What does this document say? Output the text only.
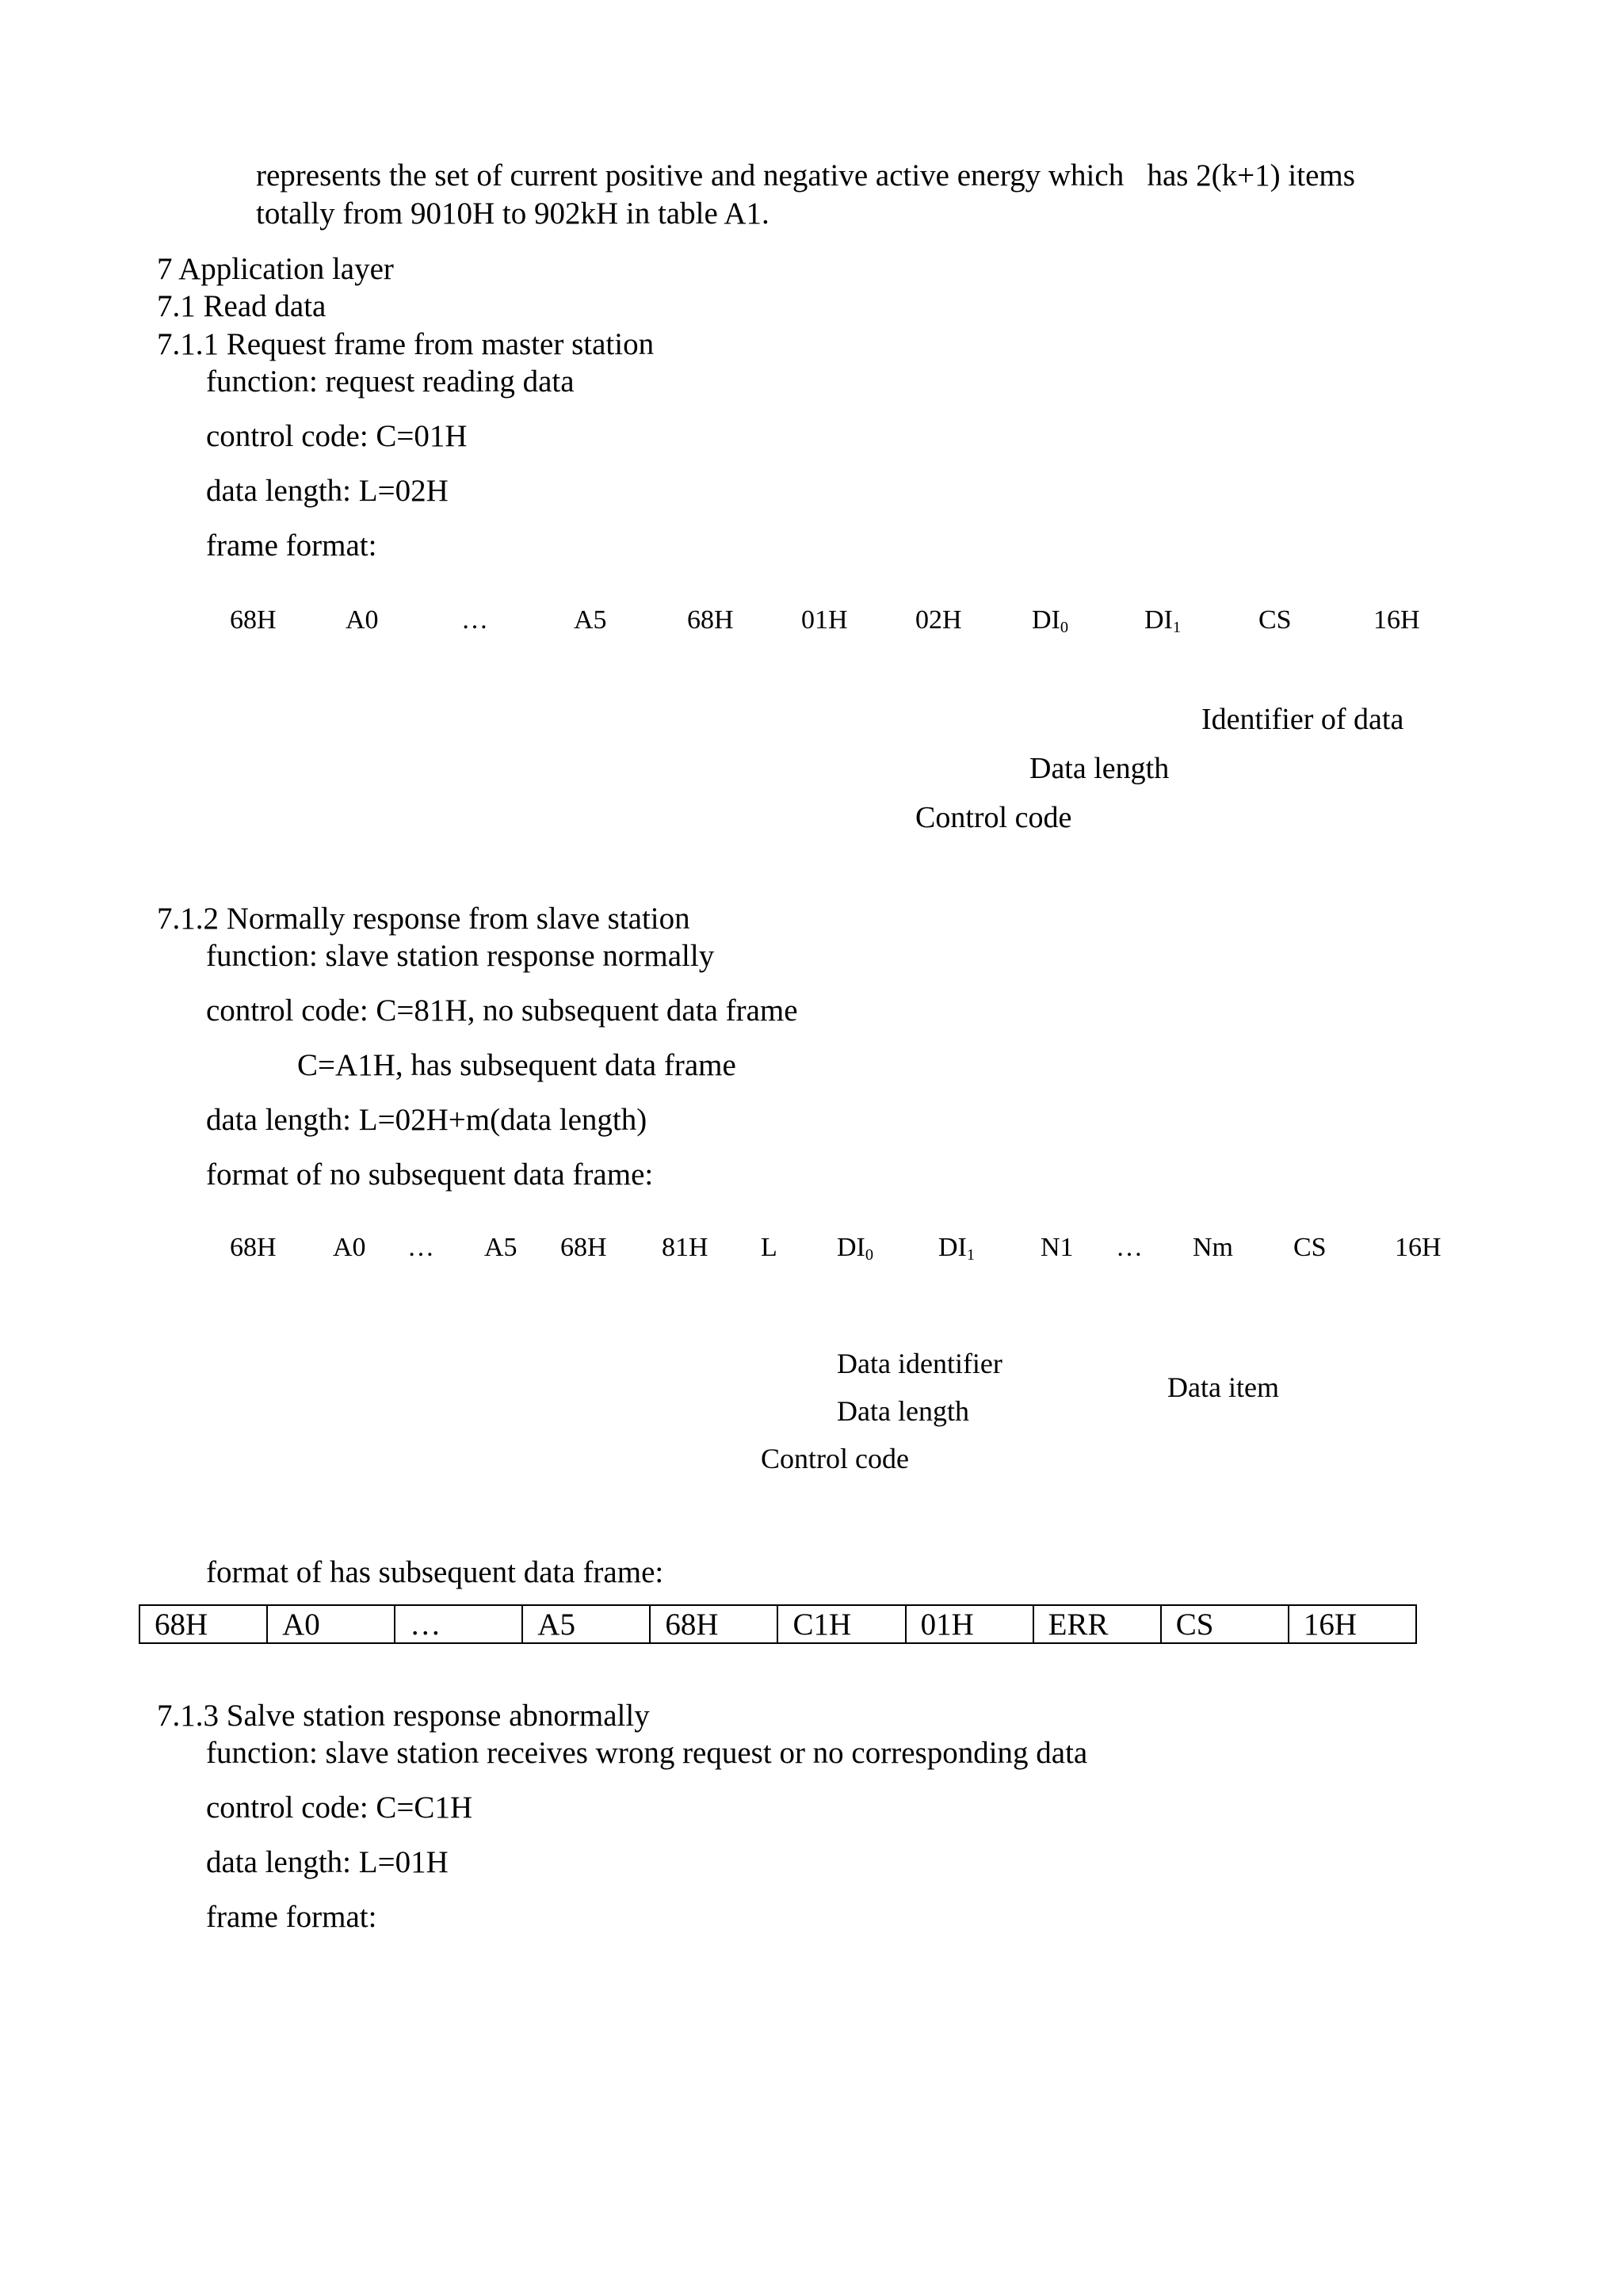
represents the set of current positive and negative active energy which   has 2(k+1) items
totally from 9010H to 902kH in table A1.
7 Application layer
7.1 Read data
7.1.1 Request frame from master station
function: request reading data
control code: C=01H
data length: L=02H
frame format:
68H	A0	…	A5	68H	01H	02H	$DI_0$	$DI_1$	CS	16H
Identifier of data
Data length
Control code
7.1.2 Normally response from slave station
function: slave station response normally
control code: C=81H, no subsequent data frame
C=A1H, has subsequent data frame
data length: L=02H+m(data length)
format of no subsequent data frame:
68H A0 … A5 68H 81H L $DI_0$ $DI_1$ N1 … Nm CS	16H
Data identifier
Data item
Data length
Control code
format of has subsequent data frame:
68H	A0	…	A5	68H	C1H	01H	ERR	CS	16H
7.1.3 Salve station response abnormally
function: slave station receives wrong request or no corresponding data
control code: C=C1H
data length: L=01H
frame format:
